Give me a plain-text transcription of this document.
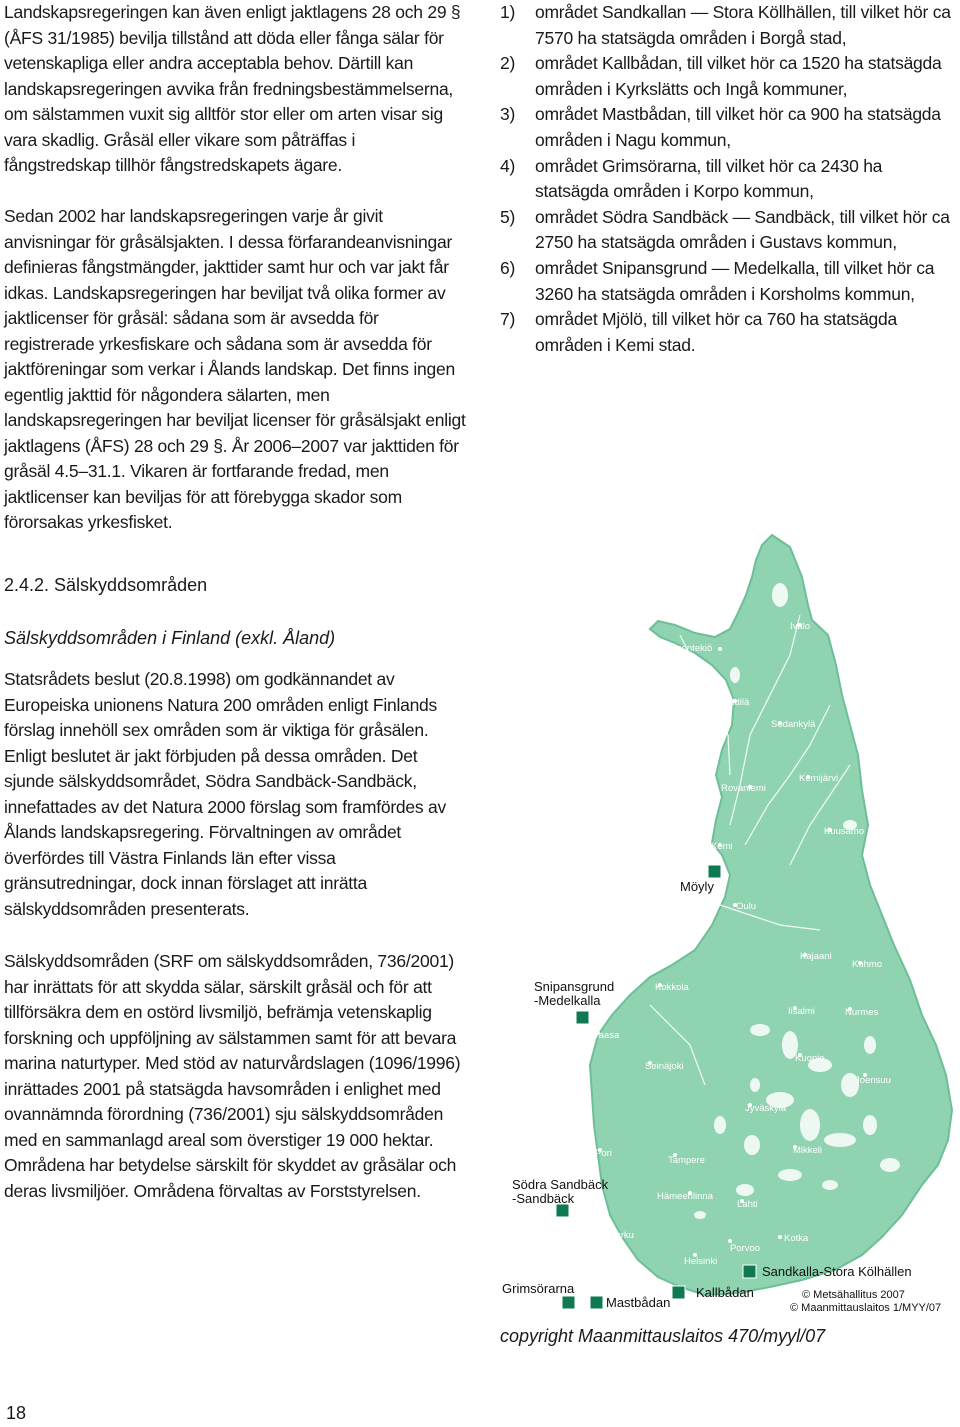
Landskapsregeringen kan även enligt jaktlagens 28 och 29 § (ÅFS 31/1985) bevilja tillstånd att döda eller fånga sälar för vetenskapliga eller andra acceptabla behov. Därtill kan landskapsregeringen avvika från fredningsbestämmelserna, om sälstammen vuxit sig alltför stor eller om arten visar sig vara skadlig. Gråsäl eller vikare som påträffas i fångstredskap tillhör fångstredskapets ägare.

Sedan 2002 har landskapsregeringen varje år givit anvisningar för gråsälsjakten. I dessa förfarandeanvisningar definieras fångstmängder, jakttider samt hur och var jakt får idkas. Landskapsregeringen har beviljat två olika former av jaktlicenser för gråsäl: sådana som är avsedda för registrerade yrkesfiskare och sådana som är avsedda för jaktföreningar som verkar i Ålands landskap. Det finns ingen egentlig jakttid för någondera sälarten, men landskapsregeringen har beviljat licenser för gråsälsjakt enligt jaktlagens (ÅFS) 28 och 29 §. År 2006–2007 var jakttiden för gråsäl 4.5–31.1. Vikaren är fortfarande fredad, men jaktlicenser kan beviljas för att förebygga skador som förorsakas yrkesfisket.

2.4.2. Sälskyddsområden
Sälskyddsområden i Finland (exkl. Åland)

Statsrådets beslut (20.8.1998) om godkännandet av Europeiska unionens Natura 200 områden enligt Finlands förslag innehöll sex områden som är viktiga för gråsälen. Enligt beslutet är jakt förbjuden på dessa områden. Det sjunde sälskyddsområdet, Södra Sandbäck-Sandbäck, innefattades av det Natura 2000 förslag som framfördes av Ålands landskapsregering. Förvaltningen av området överfördes till Västra Finlands län efter vissa gränsutredningar, dock innan förslaget att inrätta sälskyddsområden presenterats.

Sälskyddsområden (SRF om sälskyddsområden, 736/2001) har inrättats för att skydda sälar, särskilt gråsäl och för att tillförsäkra dem en ostörd livsmiljö, befrämja vetenskaplig forskning och uppföljning av sälstammen samt för att bevara marina naturtyper. Med stöd av naturvårdslagen (1096/1996) inrättades 2001 på statsägda havsområden i enlighet med ovannämnda förordning (736/2001) sju sälskyddsområden med en sammanlagd areal som överstiger 19 000 hektar. Områdena har betydelse särskilt för skyddet av gråsälar och deras livsmiljöer. Områdena förvaltas av Forststyrelsen.

1) området Sandkallan — Stora Köllhällen, till vilket hör ca 7570 ha statsägda områden i Borgå stad,
2) området Kallbådan, till vilket hör ca 1520 ha statsägda områden i Kyrkslätts och Ingå kommuner,
3) området Mastbådan, till vilket hör ca 900 ha statsägda områden i Nagu kommun,
4) området Grimsörarna, till vilket hör ca 2430 ha statsägda områden i Korpo kommun,
5) området Södra Sandbäck — Sandbäck, till vilket hör ca 2750 ha statsägda områden i Gustavs kommun,
6) området Snipansgrund — Medelkalla, till vilket hör ca 3260 ha statsägda områden i Korsholms kommun,
7) området Mjölö, till vilket hör ca 760 ha statsägda områden i Kemi stad.
Ivalo
Enontekiö
Kittilä
Sodankylä
Kemijärvi
Rovaniemi
Kuusamo
Kemi
Oulu
Kajaani
Kuhmo
Kokkola
Iisalmi	Nurmes
Vaasa
Seinäjoki
Kuopio
Joensuu
Jyväskylä
Pori
Tampere
Mikkeli
Hämeenlinna
Lahti
Turku
Porvoo
Kotka
Helsinki
Hanko
Möyly
Snipansgrund
-Medelkalla
Södra Sandbäck
-Sandbäck
Grimsörarna
Mastbådan
Kallbådan
Sandkalla-Stora Kölhällen
© Metsähallitus 2007
© Maanmittauslaitos 1/MYY/07
copyright Maanmittauslaitos 470/myyl/07
18
